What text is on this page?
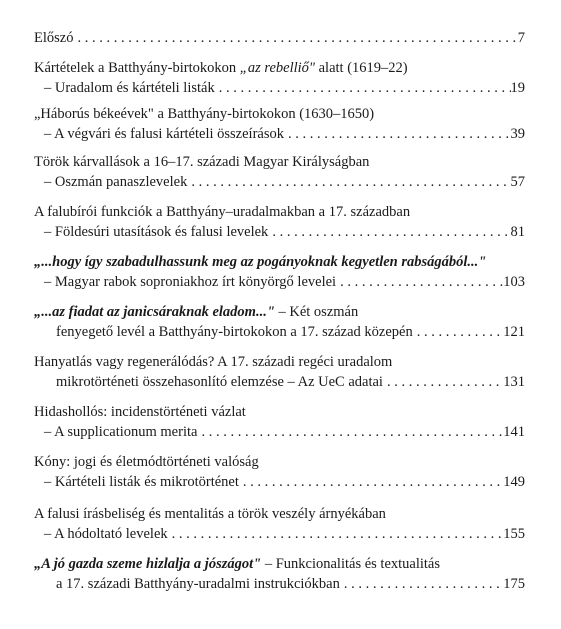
Előszó . . .	7
Kártételek a Batthyány-birtokokon „az rebelliő" alatt (1619–22)
– Uradalom és kártételi listák . . .	19
„Háborús békeévek" a Batthyány-birtokokon (1630–1650)
– A végvári és falusi kártételi összeírások . . .	39
Török kárvallások a 16–17. századi Magyar Királyságban
– Oszmán panaszlevelek . . .	57
A falubírói funkciók a Batthyány–uradalmakban a 17. században
– Földesúri utasítások és falusi levelek . . .	81
„...hogy így szabadulhassunk meg az pogányoknak kegyetlen rabságából..."
– Magyar rabok soproniakhoz írt könyörgő levelei . . .	103
„...az fiadat az janicsáraknak eladom..." – Két oszmán
fenyegető levél a Batthyány-birtokokon a 17. század közepén . . .	121
Hanyatlás vagy regenerálódás? A 17. századi regéci uradalom
mikrotörténeti összehasonlító elemzése – Az UeC adatai . . .	131
Hidashollós: incidenstörténeti vázlat
– A supplicationum merita . . .	141
Kóny: jogi és életmódtörténeti valóság
– Kártételi listák és mikrotörténet . . .	149
A falusi írásbeliség és mentalitás a török veszély árnyékában
– A hódoltató levelek . . .	155
„A jó gazda szeme hizlalja a jószágot" – Funkcionalitás és textualitás
a 17. századi Batthyány-uradalmi instrukciókban . . .	175
